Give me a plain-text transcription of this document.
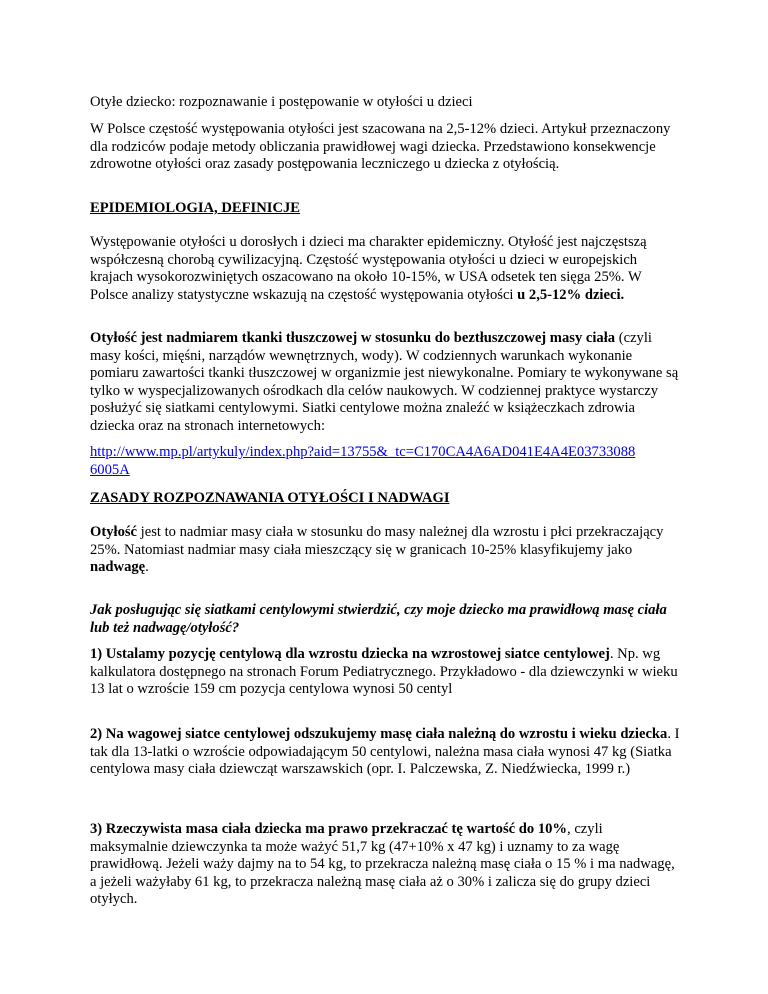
Otyłe dziecko: rozpoznawanie i postępowanie w otyłości u dzieci

W Polsce częstość występowania otyłości jest szacowana na 2,5-12% dzieci. Artykuł przeznaczony dla rodziców podaje metody obliczania prawidłowej wagi dziecka. Przedstawiono konsekwencje zdrowotne otyłości oraz zasady postępowania leczniczego u dziecka z otyłością.

EPIDEMIOLOGIA, DEFINICJE

Występowanie otyłości u dorosłych i dzieci ma charakter epidemiczny. Otyłość jest najczęstszą współczesną chorobą cywilizacyjną. Częstość występowania otyłości u dzieci w europejskich krajach wysokorozwiniętych oszacowano na około 10-15%, w USA odsetek ten sięga 25%. W Polsce analizy statystyczne wskazują na częstość występowania otyłości u 2,5-12% dzieci.

Otyłość jest nadmiarem tkanki tłuszczowej w stosunku do beztłuszczowej masy ciała (czyli masy kości, mięśni, narządów wewnętrznych, wody). W codziennych warunkach wykonanie pomiaru zawartości tkanki tłuszczowej w organizmie jest niewykonalne. Pomiary te wykonywane są tylko w wyspecjalizowanych ośrodkach dla celów naukowych. W codziennej praktyce wystarczy posłużyć się siatkami centylowymi. Siatki centylowe można znaleźć w książeczkach zdrowia dziecka oraz na stronach internetowych:

http://www.mp.pl/artykuly/index.php?aid=13755&_tc=C170CA4A6AD041E4A4E03733088
6005A

ZASADY ROZPOZNAWANIA OTYŁOŚCI I NADWAGI

Otyłość jest to nadmiar masy ciała w stosunku do masy należnej dla wzrostu i płci przekraczający 25%. Natomiast nadmiar masy ciała mieszczący się w granicach 10-25% klasyfikujemy jako nadwagę.

Jak posługując się siatkami centylowymi stwierdzić, czy moje dziecko ma prawidłową masę ciała lub też nadwagę/otyłość?

1) Ustalamy pozycję centylową dla wzrostu dziecka na wzrostowej siatce centylowej. Np. wg kalkulatora dostępnego na stronach Forum Pediatrycznego. Przykładowo - dla dziewczynki w wieku 13 lat o wzroście 159 cm pozycja centylowa wynosi 50 centyl

2) Na wagowej siatce centylowej odszukujemy masę ciała należną do wzrostu i wieku dziecka. I tak dla 13-latki o wzroście odpowiadającym 50 centylowi, należna masa ciała wynosi 47 kg (Siatka centylowa masy ciała dziewcząt warszawskich (opr. I. Palczewska, Z. Niedźwiecka, 1999 r.)

3) Rzeczywista masa ciała dziecka ma prawo przekraczać tę wartość do 10%, czyli maksymalnie dziewczynka ta może ważyć 51,7 kg (47+10% x 47 kg) i uznamy to za wagę prawidłową. Jeżeli waży dajmy na to 54 kg, to przekracza należną masę ciała o 15 % i ma nadwagę, a jeżeli ważyłaby 61 kg, to przekracza należną masę ciała aż o 30% i zalicza się do grupy dzieci otyłych.
